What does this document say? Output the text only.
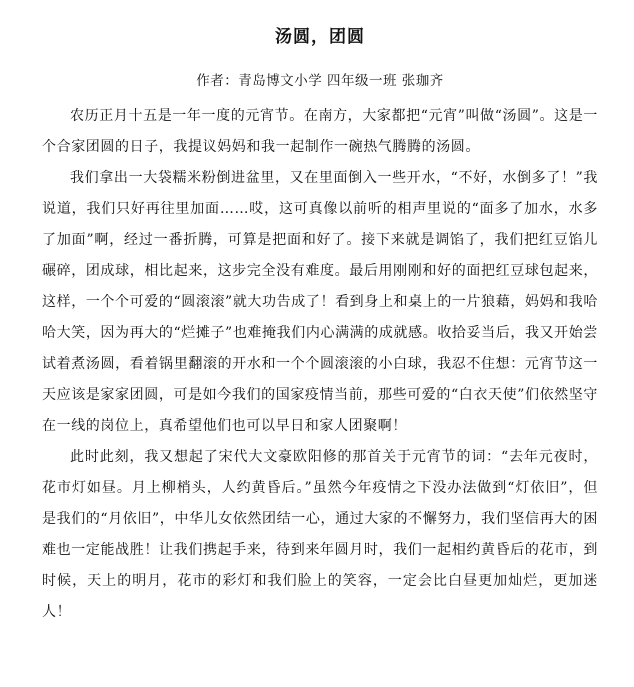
汤圆，团圆

作者：青岛博文小学 四年级一班 张珈齐

农历正月十五是一年一度的元宵节。在南方，大家都把“元宵”叫做“汤圆”。这是一个合家团圆的日子，我提议妈妈和我一起制作一碗热气腾腾的汤圆。

我们拿出一大袋糯米粉倒进盆里，又在里面倒入一些开水，“不好，水倒多了！”我说道，我们只好再往里加面……哎，这可真像以前听的相声里说的“面多了加水，水多了加面”啊，经过一番折腾，可算是把面和好了。接下来就是调馅了，我们把红豆馅儿碾碎，团成球，相比起来，这步完全没有难度。最后用刚刚和好的面把红豆球包起来，这样，一个个可爱的“圆滚滚”就大功告成了！看到身上和桌上的一片狼藉，妈妈和我哈哈大笑，因为再大的“烂摊子”也难掩我们内心满满的成就感。收拾妥当后，我又开始尝试着煮汤圆，看着锅里翻滚的开水和一个个圆滚滚的小白球，我忍不住想：元宵节这一天应该是家家团圆，可是如今我们的国家疫情当前，那些可爱的“白衣天使”们依然坚守在一线的岗位上，真希望他们也可以早日和家人团聚啊！

此时此刻，我又想起了宋代大文豪欧阳修的那首关于元宵节的词：“去年元夜时，花市灯如昼。月上柳梢头，人约黄昏后。”虽然今年疫情之下没办法做到“灯依旧”，但是我们的“月依旧”，中华儿女依然团结一心，通过大家的不懈努力，我们坚信再大的困难也一定能战胜！让我们携起手来，待到来年圆月时，我们一起相约黄昏后的花市，到时候，天上的明月，花市的彩灯和我们脸上的笑容，一定会比白昼更加灿烂，更加迷人！
